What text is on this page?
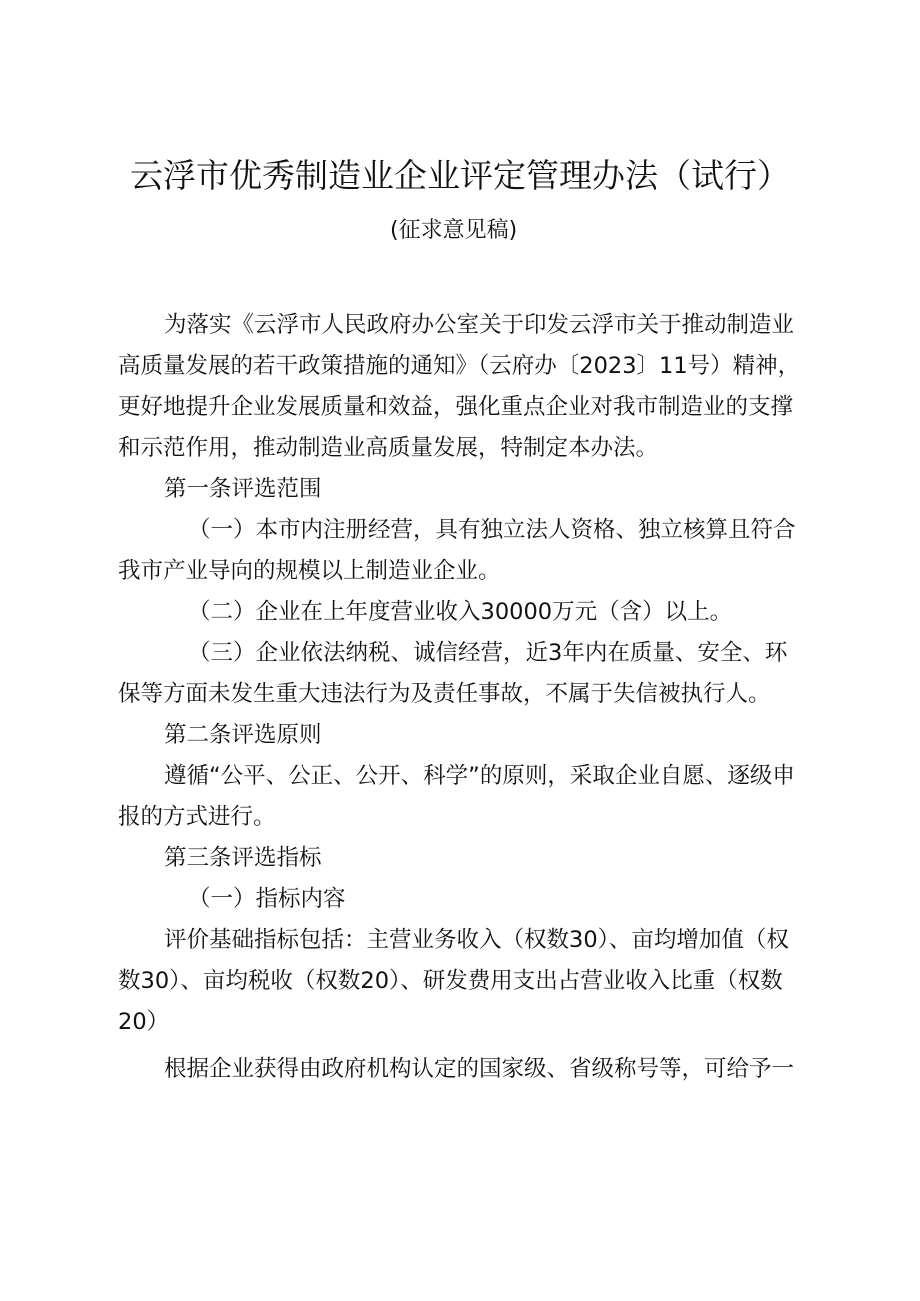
云浮市优秀制造业企业评定管理办法（试行）
(征求意见稿)

为落实《云浮市人民政府办公室关于印发云浮市关于推动制造业高质量发展的若干政策措施的通知》（云府办〔2023〕11号）精神，更好地提升企业发展质量和效益，强化重点企业对我市制造业的支撑和示范作用，推动制造业高质量发展，特制定本办法。

第一条评选范围

（一）本市内注册经营，具有独立法人资格、独立核算且符合我市产业导向的规模以上制造业企业。

（二）企业在上年度营业收入30000万元（含）以上。

（三）企业依法纳税、诚信经营，近3年内在质量、安全、环保等方面未发生重大违法行为及责任事故，不属于失信被执行人。

第二条评选原则

遵循“公平、公正、公开、科学”的原则，采取企业自愿、逐级申报的方式进行。

第三条评选指标

（一）指标内容

评价基础指标包括：主营业务收入（权数30）、亩均增加值（权数30）、亩均税收（权数20）、研发费用支出占营业收入比重（权数20）

根据企业获得由政府机构认定的国家级、省级称号等，可给予一
